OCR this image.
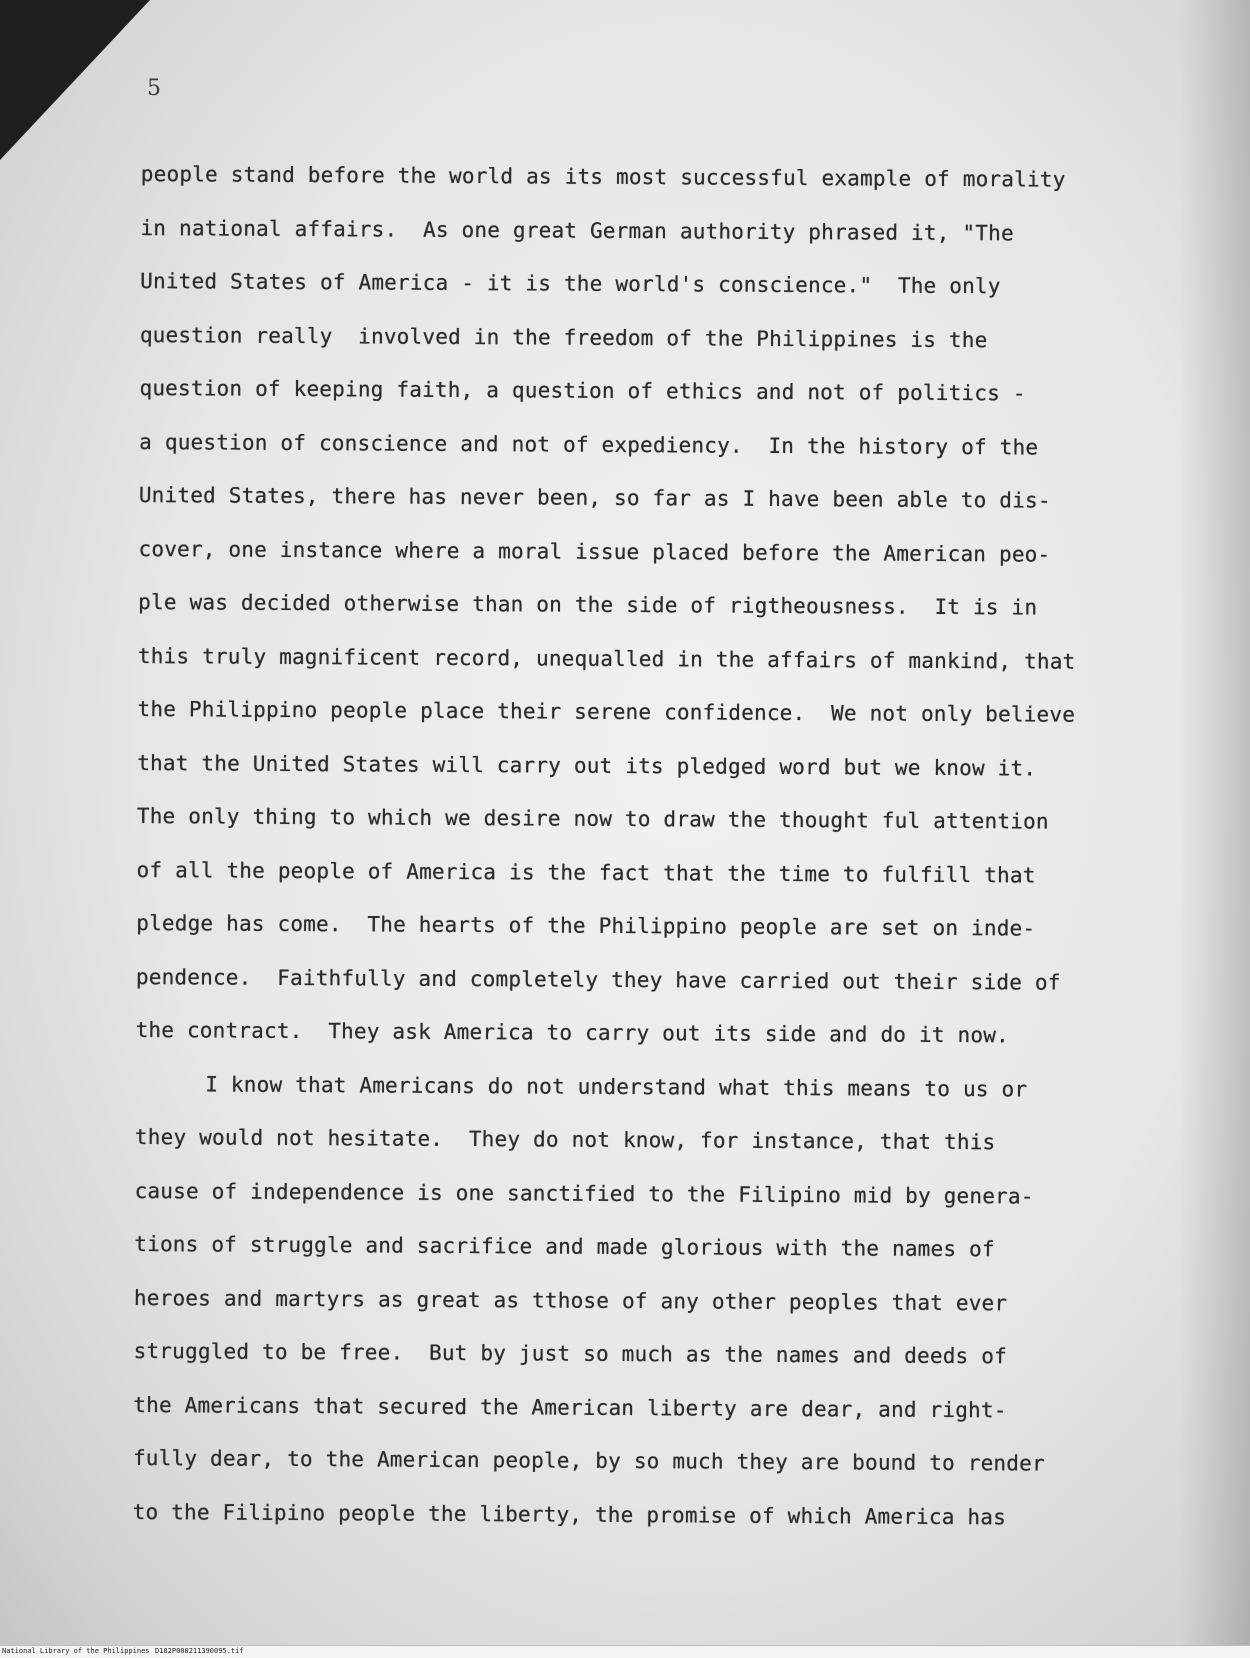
5
people stand before the world as its most successful example of morality
in national affairs.  As one great German authority phrased it, "The
United States of America - it is the world's conscience."  The only
question really  involved in the freedom of the Philippines is the
question of keeping faith, a question of ethics and not of politics -
a question of conscience and not of expediency.  In the history of the
United States, there has never been, so far as I have been able to dis-
cover, one instance where a moral issue placed before the American peo-
ple was decided otherwise than on the side of rigtheousness.  It is in
this truly magnificent record, unequalled in the affairs of mankind, that
the Philippino people place their serene confidence.  We not only believe
that the United States will carry out its pledged word but we know it.
The only thing to which we desire now to draw the thought ful attention
of all the people of America is the fact that the time to fulfill that
pledge has come.  The hearts of the Philippino people are set on inde-
pendence.  Faithfully and completely they have carried out their side of
the contract.  They ask America to carry out its side and do it now.
I know that Americans do not understand what this means to us or
they would not hesitate.  They do not know, for instance, that this
cause of independence is one sanctified to the Filipino mid by genera-
tions of struggle and sacrifice and made glorious with the names of
heroes and martyrs as great as tthose of any other peoples that ever
struggled to be free.  But by just so much as the names and deeds of
the Americans that secured the American liberty are dear, and right-
fully dear, to the American people, by so much they are bound to render
to the Filipino people the liberty, the promise of which America has
National Library of the Philippines D182P000211390095.tif
